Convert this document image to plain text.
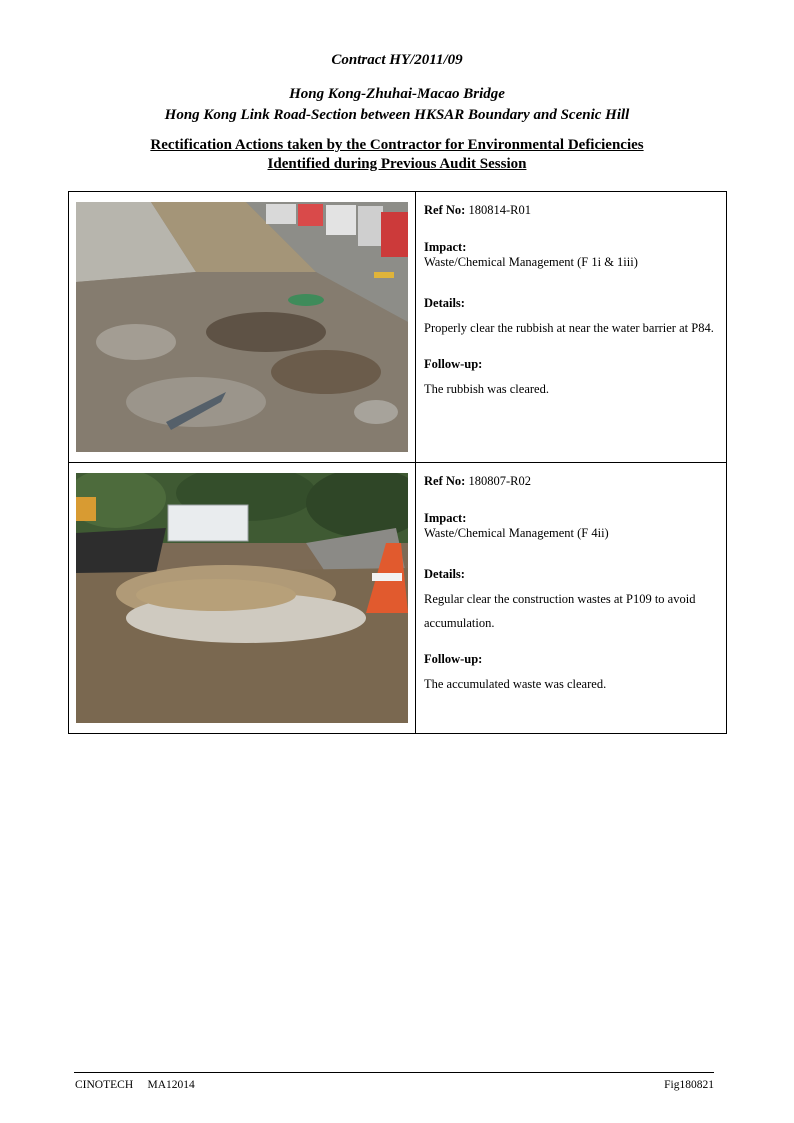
Contract HY/2011/09
Hong Kong-Zhuhai-Macao Bridge
Hong Kong Link Road-Section between HKSAR Boundary and Scenic Hill
Rectification Actions taken by the Contractor for Environmental Deficiencies
Identified during Previous Audit Session
Ref No: 180814-R01
Impact:
Waste/Chemical Management (F 1i & 1iii)
Details:
Properly clear the rubbish at near the water barrier at P84.
Follow-up:
The rubbish was cleared.
Ref No: 180807-R02
Impact:
Waste/Chemical Management (F 4ii)
Details:
Regular clear the construction wastes at P109 to avoid accumulation.
Follow-up:
The accumulated waste was cleared.
CINOTECH     MA12014	Fig180821
